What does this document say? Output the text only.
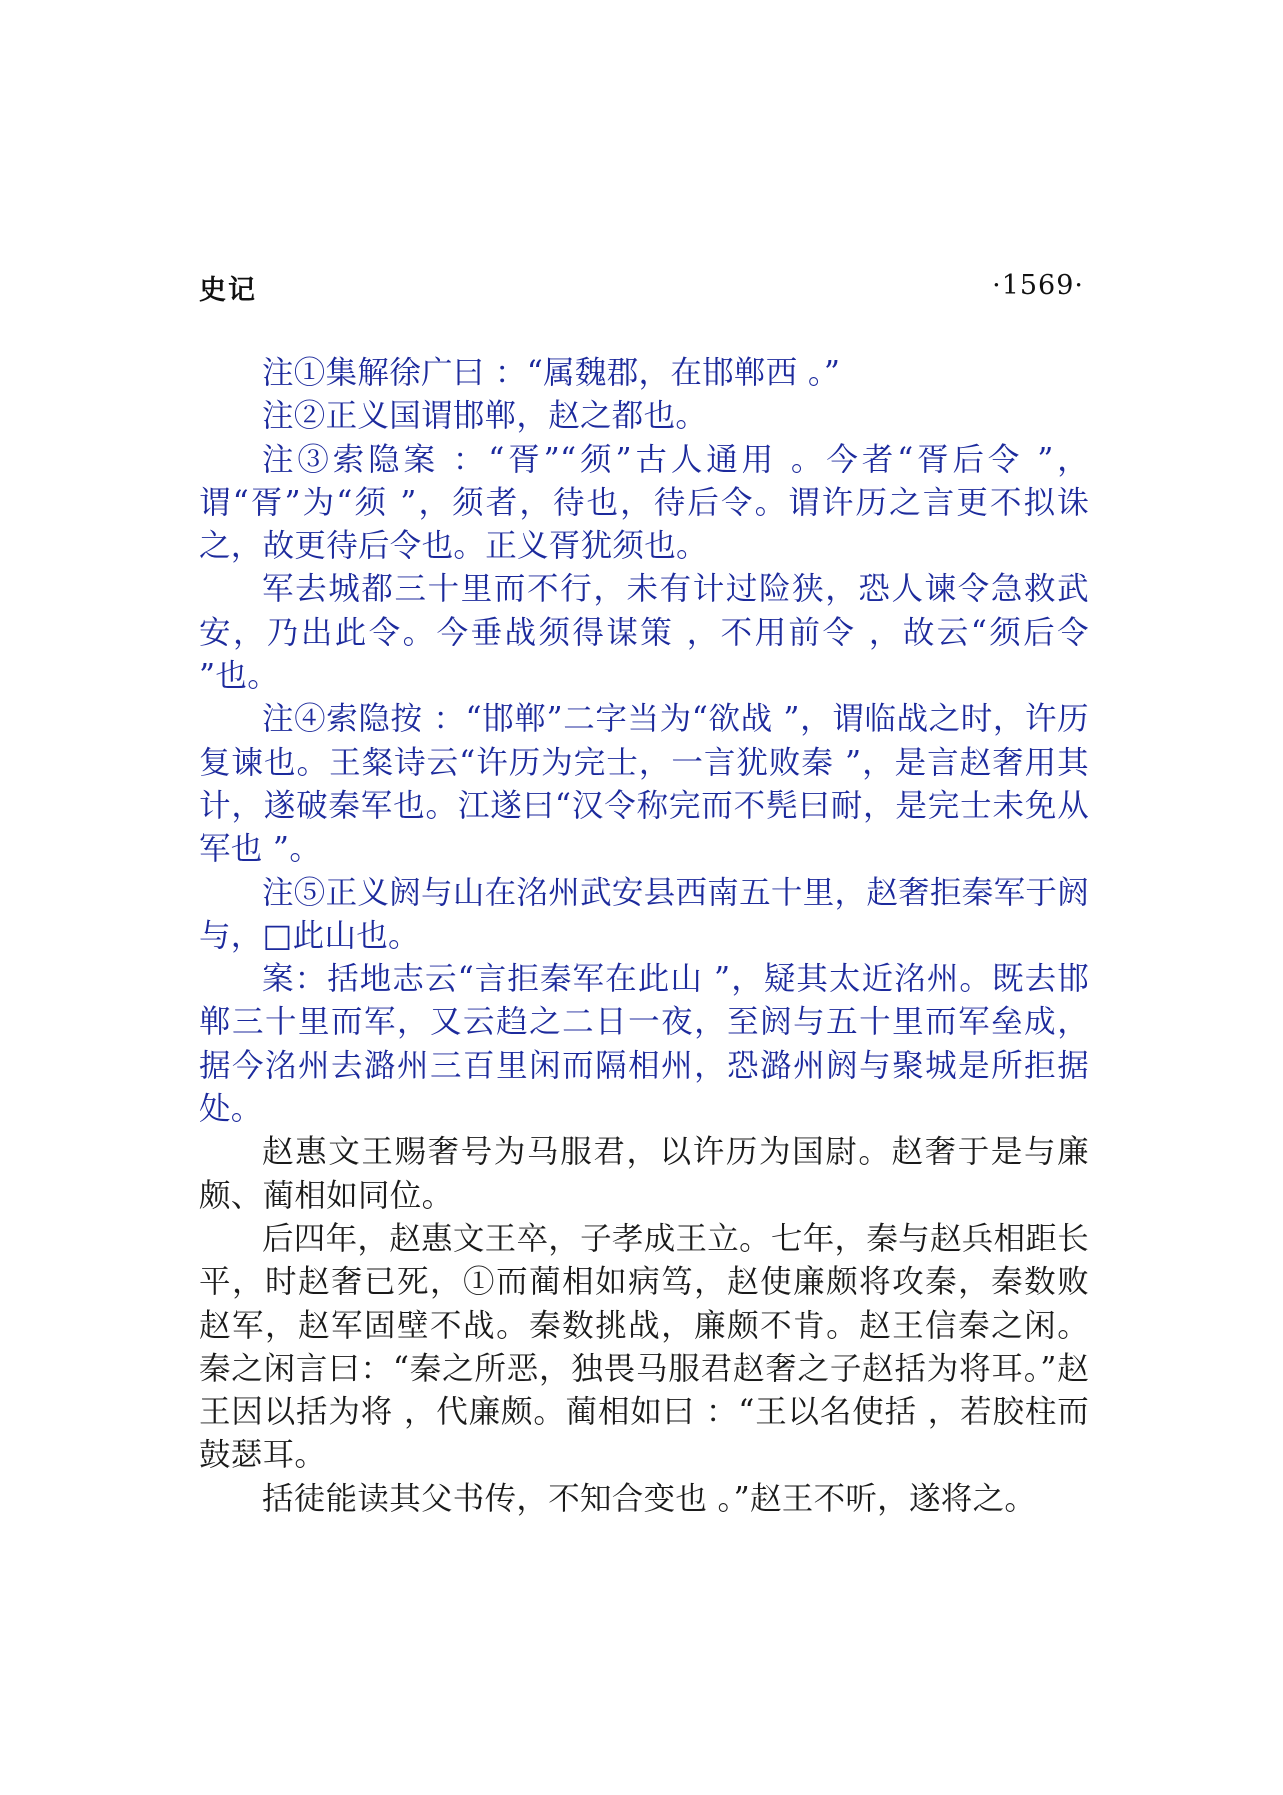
史记	·1569·

注①集解徐广曰 ：“属魏郡，在邯郸西 。”

注②正义国谓邯郸，赵之都也。

注③索隐案 ：“胥”“须”古人通用 。今者“胥后令 ”，谓“胥”为“须 ”，须者，待也，待后令。谓许历之言更不拟诛之，故更待后令也。正义胥犹须也。

军去城都三十里而不行，未有计过险狭，恐人谏令急救武安，乃出此令。今垂战须得谋策 ，不用前令 ，故云“须后令 ”也。

注④索隐按 ：“邯郸”二字当为“欲战 ”，谓临战之时，许历复谏也。王粲诗云“许历为完士，一言犹败秦 ”，是言赵奢用其计，遂破秦军也。江遂曰“汉令称完而不髡曰耐，是完士未免从军也 ”。

注⑤正义阏与山在洺州武安县西南五十里，赵奢拒秦军于阏与，□此山也。

案：括地志云“言拒秦军在此山 ”，疑其太近洺州。既去邯郸三十里而军，又云趋之二日一夜，至阏与五十里而军垒成，据今洺州去潞州三百里闲而隔相州，恐潞州阏与聚城是所拒据处。

赵惠文王赐奢号为马服君，以许历为国尉。赵奢于是与廉颇、蔺相如同位。

后四年，赵惠文王卒，子孝成王立。七年，秦与赵兵相距长平，时赵奢已死，①而蔺相如病笃，赵使廉颇将攻秦，秦数败赵军，赵军固壁不战。秦数挑战，廉颇不肯。赵王信秦之闲。秦之闲言曰：“秦之所恶，独畏马服君赵奢之子赵括为将耳。”赵王因以括为将 ，代廉颇。蔺相如曰 ：“王以名使括 ，若胶柱而鼓瑟耳。

括徒能读其父书传，不知合变也 。”赵王不听，遂将之。
